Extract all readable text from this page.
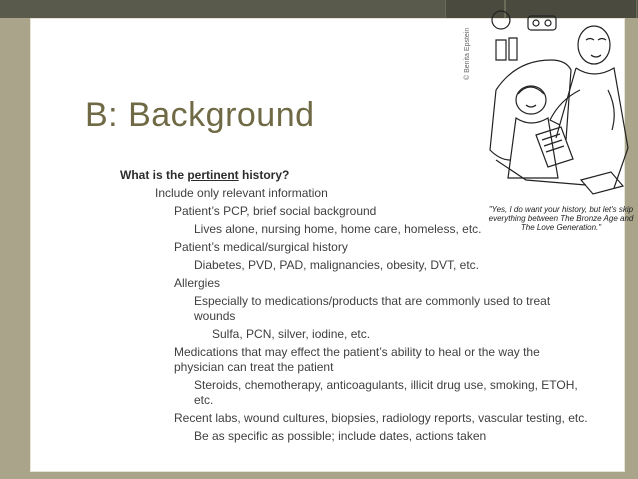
B: Background
What is the pertinent history?
Include only relevant information
Patient’s PCP, brief social background
Lives alone, nursing home, home care, homeless, etc.
Patient’s medical/surgical history
Diabetes, PVD, PAD, malignancies, obesity, DVT, etc.
Allergies
Especially to medications/products that are commonly used to treat wounds
Sulfa, PCN, silver, iodine, etc.
Medications that may effect the patient’s ability to heal or the way the physician can treat the patient
Steroids, chemotherapy, anticoagulants, illicit drug use, smoking, ETOH, etc.
Recent labs, wound cultures, biopsies, radiology reports, vascular testing, etc.
Be as specific as possible; include dates, actions taken
© Benita Epstein
"Yes, I do want your history, but let's skip everything between The Bronze Age and The Love Generation."
